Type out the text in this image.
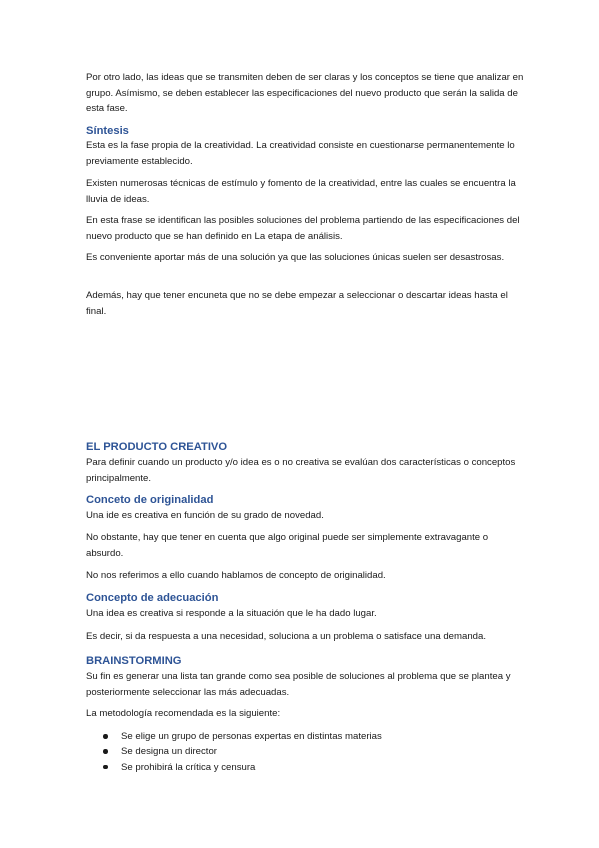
Por otro lado, las ideas que se transmiten deben de ser claras y los conceptos se tiene que analizar en grupo. Asímismo, se deben establecer las especificaciones del nuevo producto que serán la salida de esta fase.

Síntesis

Esta es la fase propia de la creatividad. La creatividad consiste en cuestionarse permanentemente lo previamente establecido.

Existen numerosas técnicas de estímulo y fomento de la creatividad, entre las cuales se encuentra la lluvia de ideas.

En esta frase se identifican las posibles soluciones del problema partiendo de las especificaciones del nuevo producto que se han definido en La etapa de análisis.

Es conveniente aportar más de una solución ya que las soluciones únicas suelen ser desastrosas.

Además, hay que tener encuneta que no se debe empezar a seleccionar o descartar ideas hasta el final.

EL PRODUCTO CREATIVO

Para definir cuando un producto y/o idea es o no creativa se evalúan dos características o conceptos principalmente.

Conceto de originalidad

Una ide es creativa en función de su grado de novedad.

No obstante, hay que tener en cuenta que algo original puede ser simplemente extravagante o absurdo.

No nos referimos a ello cuando hablamos de concepto de originalidad.

Concepto de adecuación

Una idea es creativa si responde a la situación que le ha dado lugar.

Es decir, si da respuesta a una necesidad, soluciona a un problema o satisface una demanda.

BRAINSTORMING

Su fin es generar una lista tan grande como sea posible de soluciones al problema que se plantea y posteriormente seleccionar las más adecuadas.

La metodología recomendada es la siguiente:

Se elige un grupo de personas expertas en distintas materias
Se designa un director
Se prohibirá la crítica y censura
